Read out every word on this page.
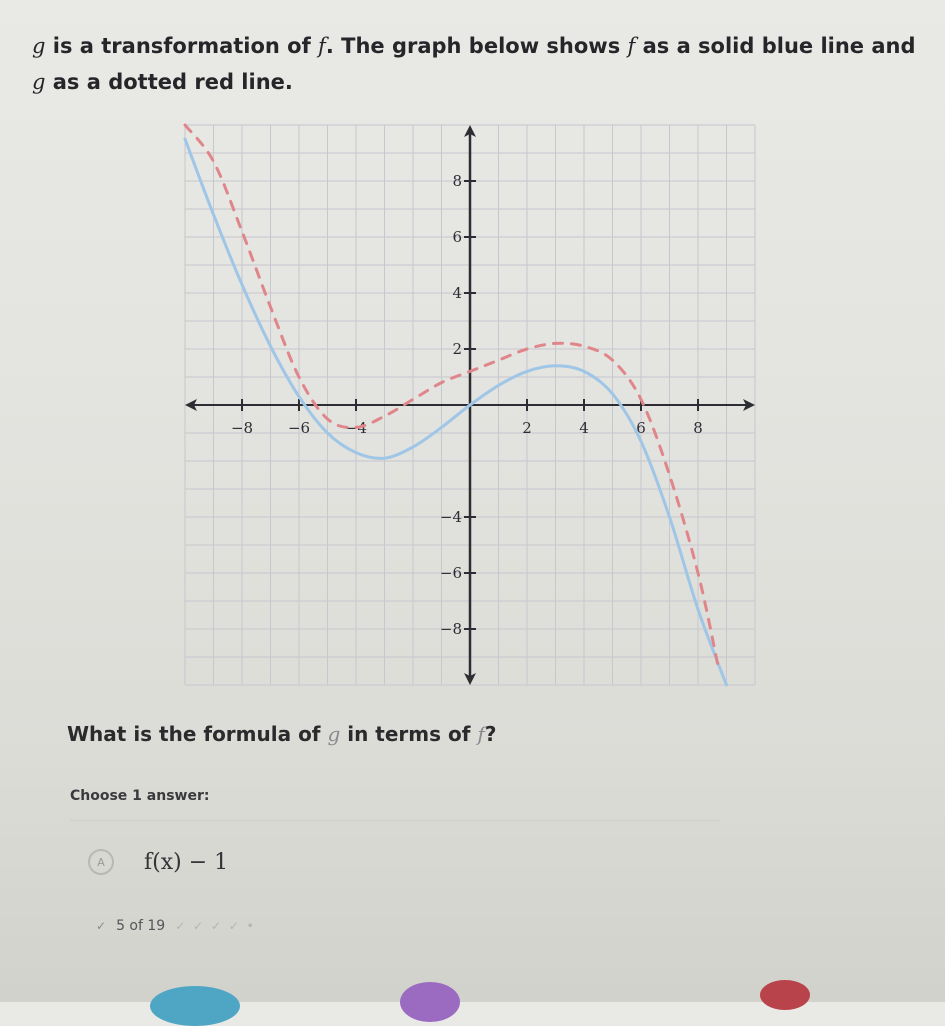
g is a transformation of f. The graph below shows f as a solid blue line and
g as a dotted red line.
−8 −6 −4	2	4	6	8
8
6
4
2
−4
−6
−8
What is the formula of g in terms of f?
Choose 1 answer:
A	f(x) − 1
✓ 5 of 19 ✓ ✓ ✓ ✓ •
